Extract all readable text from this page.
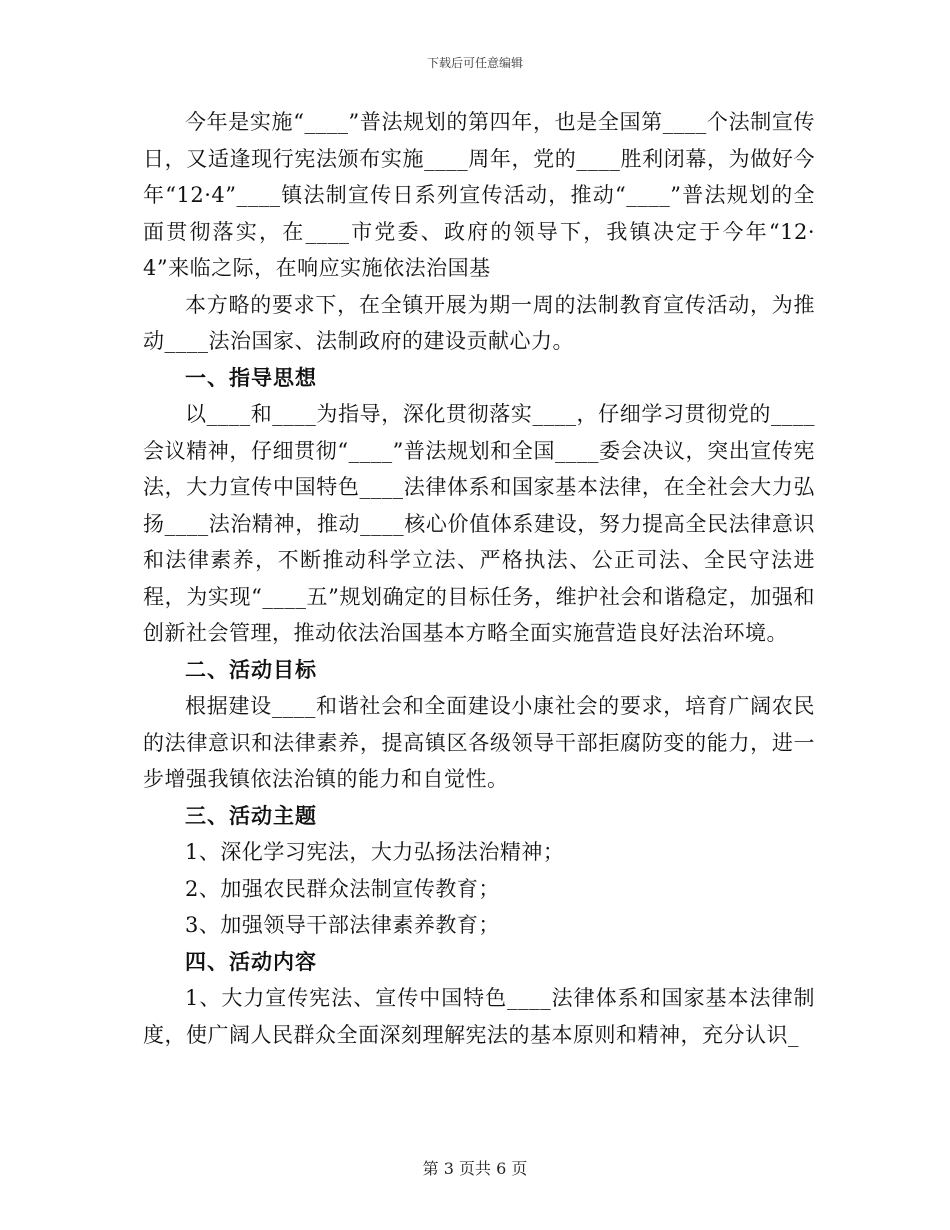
下载后可任意编辑

今年是实施“____”普法规划的第四年，也是全国第____个法制宣传日，又适逢现行宪法颁布实施____周年，党的____胜利闭幕，为做好今年“12·4”____镇法制宣传日系列宣传活动，推动“____”普法规划的全面贯彻落实，在____市党委、政府的领导下，我镇决定于今年“12·4”来临之际，在响应实施依法治国基

本方略的要求下，在全镇开展为期一周的法制教育宣传活动，为推动____法治国家、法制政府的建设贡献心力。

一、指导思想

以____和____为指导，深化贯彻落实____，仔细学习贯彻党的____会议精神，仔细贯彻“____”普法规划和全国____委会决议，突出宣传宪法，大力宣传中国特色____法律体系和国家基本法律，在全社会大力弘扬____法治精神，推动____核心价值体系建设，努力提高全民法律意识和法律素养，不断推动科学立法、严格执法、公正司法、全民守法进程，为实现“____五”规划确定的目标任务，维护社会和谐稳定，加强和创新社会管理，推动依法治国基本方略全面实施营造良好法治环境。

二、活动目标

根据建设____和谐社会和全面建设小康社会的要求，培育广阔农民的法律意识和法律素养，提高镇区各级领导干部拒腐防变的能力，进一步增强我镇依法治镇的能力和自觉性。

三、活动主题

1、深化学习宪法，大力弘扬法治精神；

2、加强农民群众法制宣传教育；

3、加强领导干部法律素养教育；

四、活动内容

1、大力宣传宪法、宣传中国特色____法律体系和国家基本法律制度，使广阔人民群众全面深刻理解宪法的基本原则和精神，充分认识_

第 3 页共 6 页
